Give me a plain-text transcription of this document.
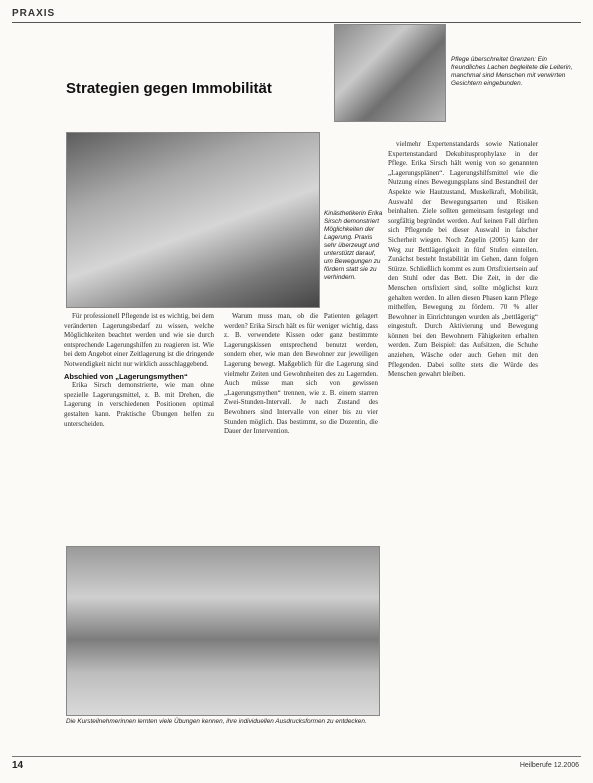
PRAXIS
Pflege überschreitet Grenzen: Ein freundliches Lachen begleitete die Leiterin, manchmal sind Menschen mit verwirrten Gesichtern eingebunden.
Strategien gegen Immobilität
Kinästhetikerin Erika Sirsch demonstriert Möglichkeiten der Lagerung. Praxis sehr überzeugt und unterstützt darauf, um Bewegungen zu fördern statt sie zu verhindern.

Für professionell Pflegende ist es wichtig, bei dem veränderten Lagerungsbedarf zu wissen, welche Möglichkeiten beachtet werden und wie sie durch entsprechende Lagerungshilfen zu reagieren ist. Wie bei dem Angebot einer Zeitlagerung ist die dringende Notwendigkeit nicht nur wirklich ausschlaggebend.

Abschied von „Lagerungsmythen“

Erika Sirsch demonstrierte, wie man ohne spezielle Lagerungsmittel, z. B. mit Drehen, die Lagerung in verschiedenen Positionen optimal gestalten kann. Praktische Übungen helfen zu unterscheiden.

Warum muss man, ob die Patienten gelagert werden? Erika Sirsch hält es für weniger wichtig, dass z. B. verwendete Kissen oder ganz bestimmte Lagerungskissen entsprechend benutzt werden, sondern eher, wie man den Bewohner zur jeweiligen Lagerung bewegt. Maßgeblich für die Lagerung sind vielmehr Zeiten und Gewohnheiten des zu Lagernden. Auch müsse man sich von gewissen „Lagerungsmythen“ trennen, wie z. B. einem starren Zwei-Stunden-Intervall. Je nach Zustand des Bewohners sind Intervalle von einer bis zu vier Stunden möglich. Das bestimmt, so die Dozentin, die Dauer der Intervention.

vielmehr Expertenstandards sowie Nationaler Expertenstandard Dekubitusprophylaxe in der Pflege. Erika Sirsch hält wenig von so genannten „Lagerungsplänen“. Lagerungshilfsmittel wie die Nutzung eines Bewegungsplans sind Bestandteil der Aspekte wie Hautzustand, Muskelkraft, Mobilität, Auswahl der Bewegungsarten und Risiken beinhalten. Ziele sollten gemeinsam festgelegt und sorgfältig begründet werden. Auf keinen Fall dürften sich Pflegende bei dieser Auswahl in falscher Sicherheit wiegen. Noch Zegelin (2005) kann der Weg zur Bettlägerigkeit in fünf Stufen einteilen. Zunächst besteht Instabilität im Gehen, dann folgen Stürze. Schließlich kommt es zum Ortsfixiertsein auf den Stuhl oder das Bett. Die Zeit, in der die Menschen ortsfixiert sind, sollte möglichst kurz gehalten werden. In allen diesen Phasen kann Pflege mithelfen, Bewegung zu fördern. 70 % aller Bewohner in Einrichtungen wurden als „bettlägerig“ eingestuft. Durch Aktivierung und Bewegung können bei den Bewohnern Fähigkeiten erhalten werden. Zum Beispiel: das Aufsitzen, die Schuhe anziehen, Wäsche oder auch Gehen mit den Pflegenden. Dabei sollte stets die Würde des Menschen gewahrt bleiben.

Die Kursteilnehmerinnen lernten viele Übungen kennen, ihre individuellen Ausdrucksformen zu entdecken.
14	Heilberufe 12.2006
